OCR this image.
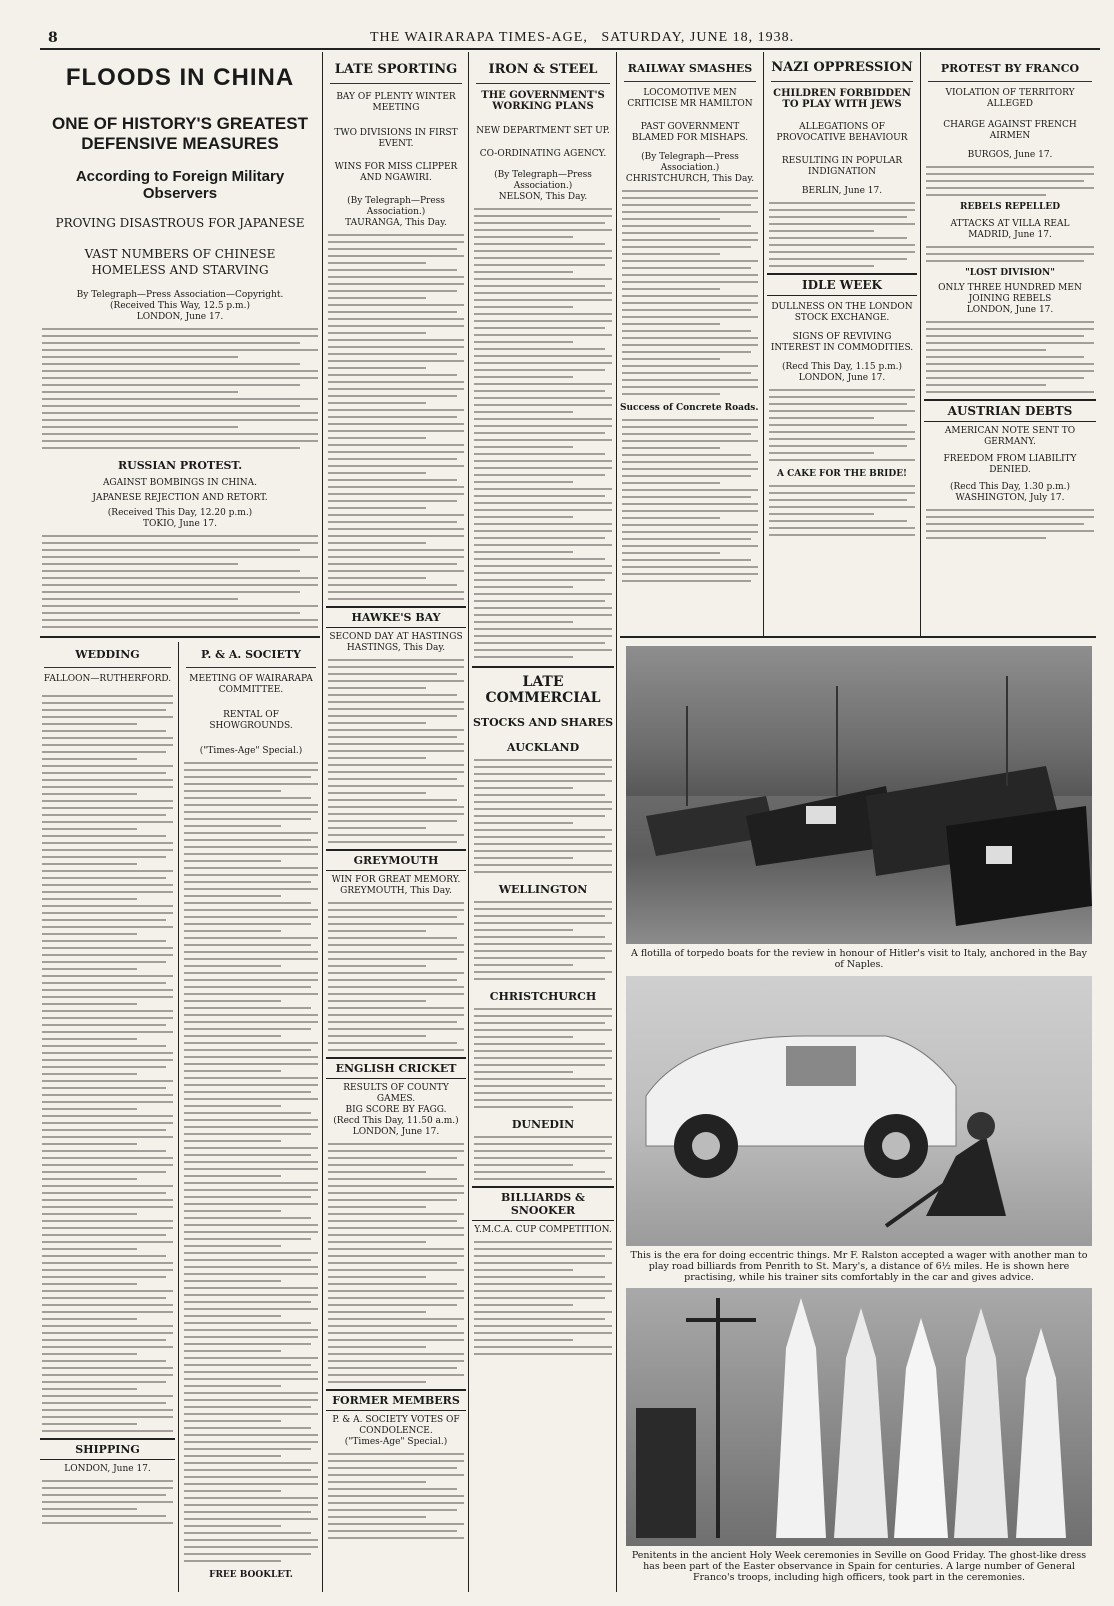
8	THE WAIRARAPA TIMES-AGE, SATURDAY, JUNE 18, 1938.
FLOODS IN CHINA
ONE OF HISTORY'S GREATEST DEFENSIVE MEASURES
According to Foreign Military Observers
PROVING DISASTROUS FOR JAPANESE
VAST NUMBERS OF CHINESE HOMELESS AND STARVING
By Telegraph—Press Association—Copyright.
(Received This Way, 12.5 p.m.)
LONDON, June 17.
RUSSIAN PROTEST.
AGAINST BOMBINGS IN CHINA.
JAPANESE REJECTION AND RETORT.
(Received This Day, 12.20 p.m.)
TOKIO, June 17.
WEDDING
FALLOON—RUTHERFORD.
SHIPPING
LONDON, June 17.
P. & A. SOCIETY
MEETING OF WAIRARAPA COMMITTEE.
RENTAL OF SHOWGROUNDS.
("Times-Age" Special.)
FREE BOOKLET.
LATE SPORTING
BAY OF PLENTY WINTER MEETING
TWO DIVISIONS IN FIRST EVENT.
WINS FOR MISS CLIPPER AND NGAWIRI.
(By Telegraph—Press Association.)
TAURANGA, This Day.
HAWKE'S BAY
SECOND DAY AT HASTINGS
HASTINGS, This Day.
GREYMOUTH
WIN FOR GREAT MEMORY.
GREYMOUTH, This Day.
ENGLISH CRICKET
RESULTS OF COUNTY GAMES.
BIG SCORE BY FAGG.
(Recd This Day, 11.50 a.m.)
LONDON, June 17.
FORMER MEMBERS
P. & A. SOCIETY VOTES OF CONDOLENCE.
("Times-Age" Special.)
IRON & STEEL
THE GOVERNMENT'S WORKING PLANS
NEW DEPARTMENT SET UP.
CO-ORDINATING AGENCY.
(By Telegraph—Press Association.)
NELSON, This Day.
LATE COMMERCIAL
STOCKS AND SHARES
AUCKLAND
WELLINGTON
CHRISTCHURCH
DUNEDIN
BILLIARDS & SNOOKER
Y.M.C.A. CUP COMPETITION.
RAILWAY SMASHES
LOCOMOTIVE MEN CRITICISE MR HAMILTON
PAST GOVERNMENT BLAMED FOR MISHAPS.
(By Telegraph—Press Association.)
CHRISTCHURCH, This Day.
Success of Concrete Roads.
NAZI OPPRESSION
CHILDREN FORBIDDEN TO PLAY WITH JEWS
ALLEGATIONS OF PROVOCATIVE BEHAVIOUR
RESULTING IN POPULAR INDIGNATION
BERLIN, June 17.
IDLE WEEK
DULLNESS ON THE LONDON STOCK EXCHANGE.
SIGNS OF REVIVING INTEREST IN COMMODITIES.
(Recd This Day, 1.15 p.m.)
LONDON, June 17.
A CAKE FOR THE BRIDE!
PROTEST BY FRANCO
VIOLATION OF TERRITORY ALLEGED
CHARGE AGAINST FRENCH AIRMEN
BURGOS, June 17.
REBELS REPELLED
ATTACKS AT VILLA REAL
MADRID, June 17.
"LOST DIVISION"
ONLY THREE HUNDRED MEN JOINING REBELS
LONDON, June 17.
AUSTRIAN DEBTS
AMERICAN NOTE SENT TO GERMANY.
FREEDOM FROM LIABILITY DENIED.
(Recd This Day, 1.30 p.m.)
WASHINGTON, July 17.
A flotilla of torpedo boats for the review in honour of Hitler's visit to Italy, anchored in the Bay of Naples.
This is the era for doing eccentric things. Mr F. Ralston accepted a wager with another man to play road billiards from Penrith to St. Mary's, a distance of 6½ miles. He is shown here practising, while his trainer sits comfortably in the car and gives advice.
Penitents in the ancient Holy Week ceremonies in Seville on Good Friday. The ghost-like dress has been part of the Easter observance in Spain for centuries. A large number of General Franco's troops, including high officers, took part in the ceremonies.
